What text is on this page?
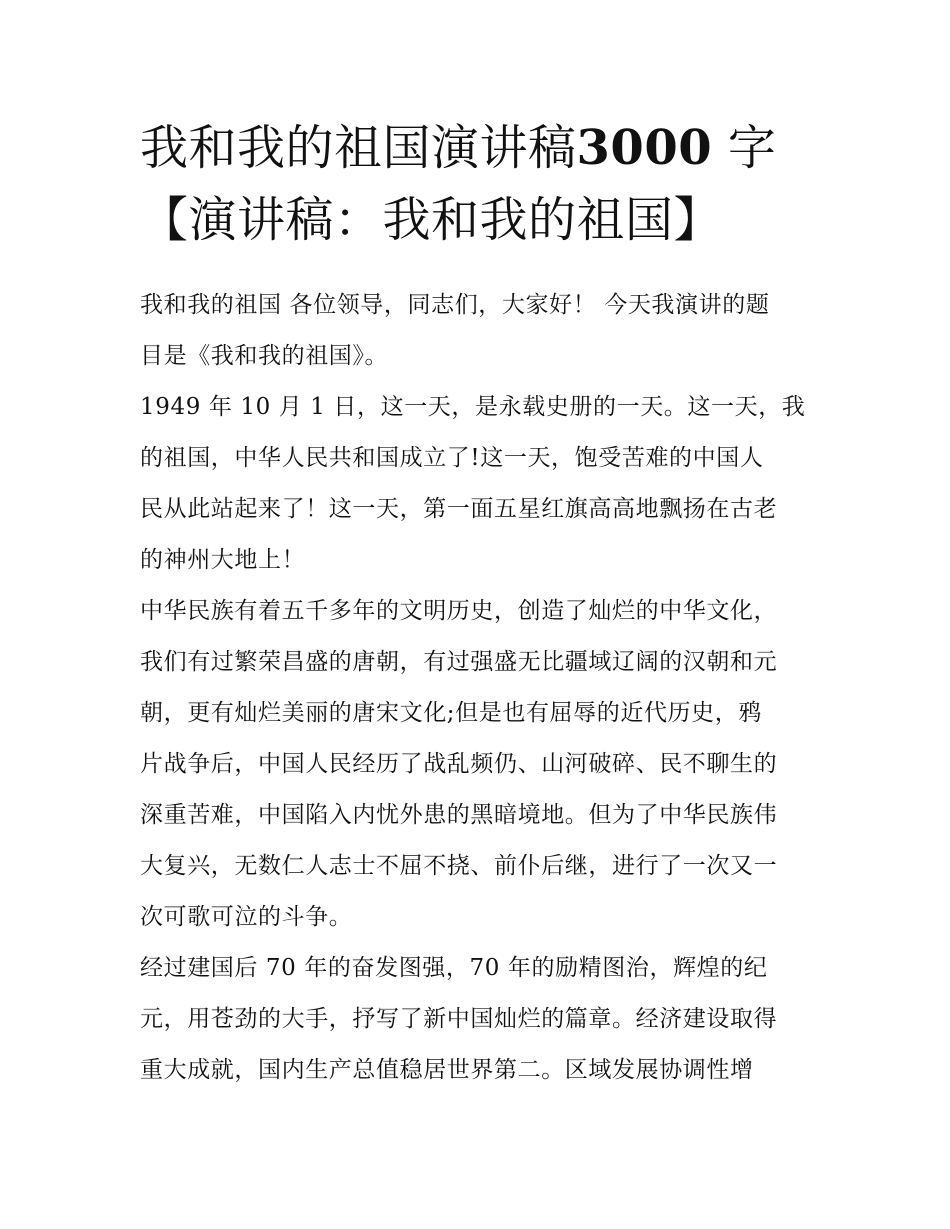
我和我的祖国演讲稿3000 字
【演讲稿：我和我的祖国】
我和我的祖国 各位领导，同志们，大家好！ 今天我演讲的题
目是《我和我的祖国》。
1949 年 10 月 1 日，这一天，是永载史册的一天。这一天，我
的祖国，中华人民共和国成立了!这一天，饱受苦难的中国人
民从此站起来了！这一天，第一面五星红旗高高地飘扬在古老
的神州大地上！
中华民族有着五千多年的文明历史，创造了灿烂的中华文化，
我们有过繁荣昌盛的唐朝，有过强盛无比疆域辽阔的汉朝和元
朝，更有灿烂美丽的唐宋文化;但是也有屈辱的近代历史，鸦
片战争后，中国人民经历了战乱频仍、山河破碎、民不聊生的
深重苦难，中国陷入内忧外患的黑暗境地。但为了中华民族伟
大复兴，无数仁人志士不屈不挠、前仆后继，进行了一次又一
次可歌可泣的斗争。
经过建国后 70 年的奋发图强，70 年的励精图治，辉煌的纪
元，用苍劲的大手，抒写了新中国灿烂的篇章。经济建设取得
重大成就，国内生产总值稳居世界第二。区域发展协调性增
